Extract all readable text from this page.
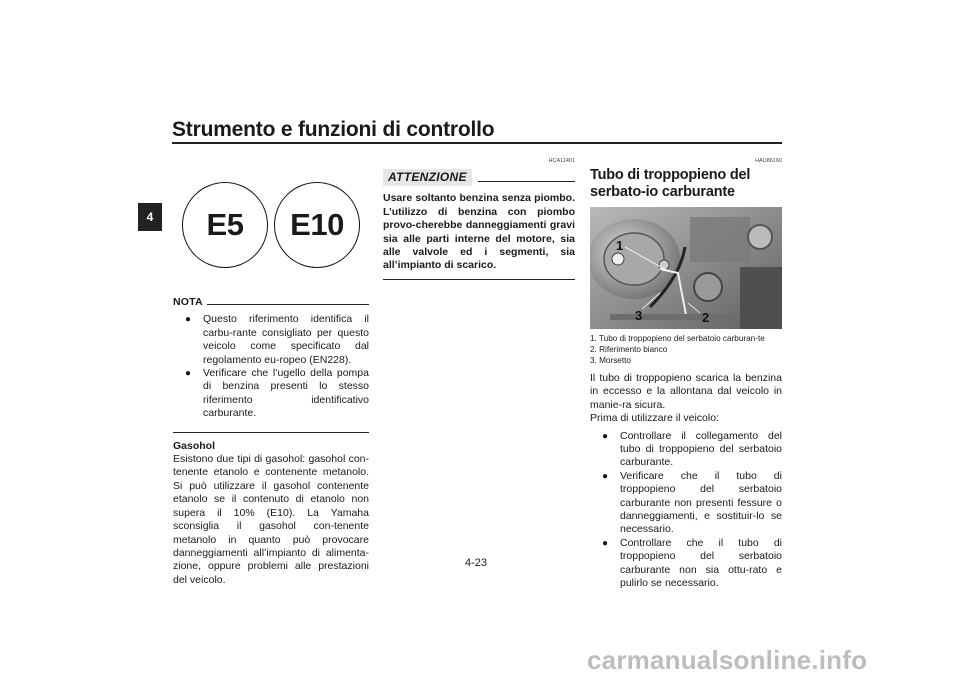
Strumento e funzioni di controllo
4	E5	E10
NOTA
● Questo riferimento identifica il carbu-rante consigliato per questo veicolo come specificato dal regolamento eu-ropeo (EN228).
● Verificare che l’ugello della pompa di benzina presenti lo stesso riferimento identificativo carburante.
Gasohol
Esistono due tipi di gasohol: gasohol con-tenente etanolo e contenente metanolo. Si può utilizzare il gasohol contenente etanolo se il contenuto di etanolo non supera il 10% (E10). La Yamaha sconsiglia il gasohol con-tenente metanolo in quanto può provocare danneggiamenti all’impianto di alimenta-zione, oppure problemi alle prestazioni del veicolo.
HCA11401
ATTENZIONE
Usare soltanto benzina senza piombo. L’utilizzo di benzina con piombo provo-cherebbe danneggiamenti gravi sia alle parti interne del motore, sia alle valvole ed i segmenti, sia all’impianto di scarico.
HAU86160
Tubo di troppopieno del serbato-io carburante
1
2
3
1. Tubo di troppopieno del serbatoio carburan-te
2. Riferimento bianco
3. Morsetto

Il tubo di troppopieno scarica la benzina in eccesso e la allontana dal veicolo in manie-ra sicura.

Prima di utilizzare il veicolo:

● Controllare il collegamento del tubo di troppopieno del serbatoio carburante.
● Verificare che il tubo di troppopieno del serbatoio carburante non presenti fessure o danneggiamenti, e sostituir-lo se necessario.
● Controllare che il tubo di troppopieno del serbatoio carburante non sia ottu-rato e pulirlo se necessario.
4-23
carmanualsonline.info
